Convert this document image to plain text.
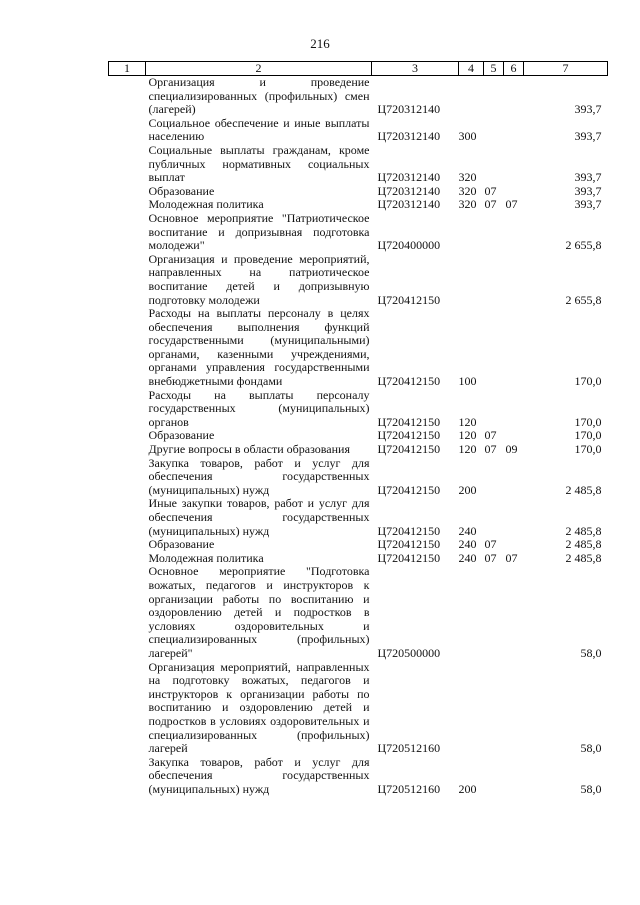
216
1	2	3	4	5	6	7
	Организация и проведение специализированных (профильных) смен (лагерей)	Ц720312140				393,7
	Социальное обеспечение и иные выплаты населению	Ц720312140	300			393,7
	Социальные выплаты гражданам, кроме публичных нормативных социальных выплат	Ц720312140	320			393,7
	Образование	Ц720312140	320	07		393,7
	Молодежная политика	Ц720312140	320	07	07	393,7
	Основное мероприятие "Патриотическое воспитание и допризывная подготовка молодежи"	Ц720400000				2 655,8
	Организация и проведение мероприятий, направленных на патриотическое воспитание детей и допризывную подготовку молодежи	Ц720412150				2 655,8
	Расходы на выплаты персоналу в целях обеспечения выполнения функций государственными (муниципальными) органами, казенными учреждениями, органами управления государственными внебюджетными фондами	Ц720412150	100			170,0
	Расходы на выплаты персоналу государственных (муниципальных) органов	Ц720412150	120			170,0
	Образование	Ц720412150	120	07		170,0
	Другие вопросы в области образования	Ц720412150	120	07	09	170,0
	Закупка товаров, работ и услуг для обеспечения государственных (муниципальных) нужд	Ц720412150	200			2 485,8
	Иные закупки товаров, работ и услуг для обеспечения государственных (муниципальных) нужд	Ц720412150	240			2 485,8
	Образование	Ц720412150	240	07		2 485,8
	Молодежная политика	Ц720412150	240	07	07	2 485,8
	Основное мероприятие "Подготовка вожатых, педагогов и инструкторов к организации работы по воспитанию и оздоровлению детей и подростков в условиях оздоровительных и специализированных (профильных) лагерей"	Ц720500000				58,0
	Организация мероприятий, направленных на подготовку вожатых, педагогов и инструкторов к организации работы по воспитанию и оздоровлению детей и подростков в условиях оздоровительных и специализированных (профильных) лагерей	Ц720512160				58,0
	Закупка товаров, работ и услуг для обеспечения государственных (муниципальных) нужд	Ц720512160	200			58,0
